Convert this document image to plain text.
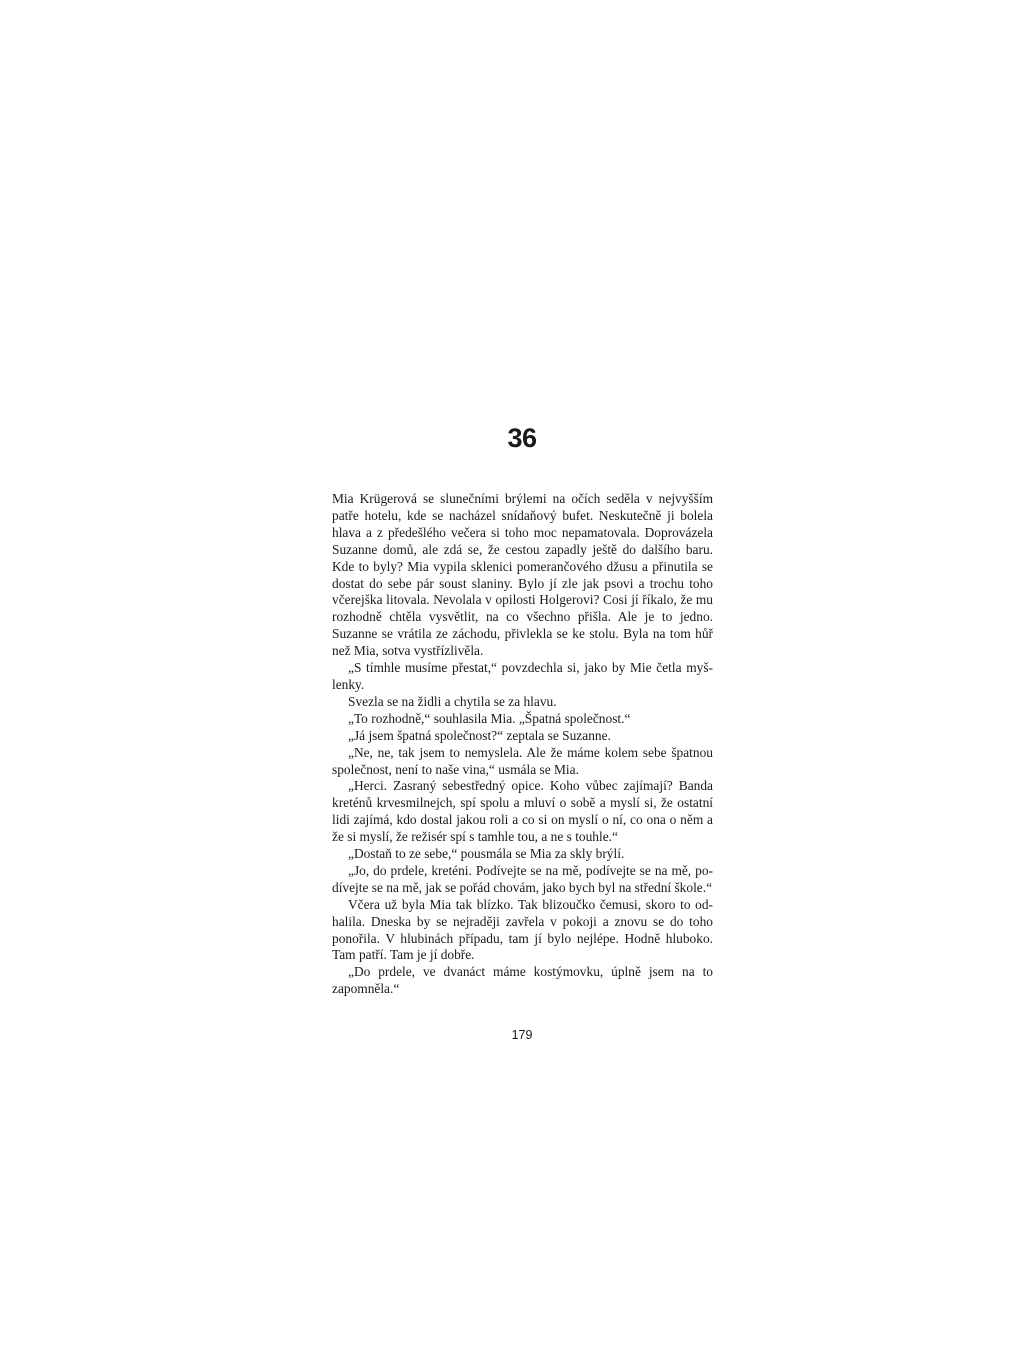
36

Mia Krügerová se slunečními brýlemi na očích seděla v nejvyšším patře hotelu, kde se nacházel snídaňový bufet. Neskutečně ji bolela hlava a z předešlého večera si toho moc nepamatovala. Doprovázela Suzanne domů, ale zdá se, že cestou zapadly ještě do dalšího baru. Kde to byly? Mia vypila sklenici pomerančového džusu a přinutila se dostat do sebe pár soust slaniny. Bylo jí zle jak psovi a trochu toho včerejška litovala. Nevolala v opilosti Holgerovi? Cosi jí říkalo, že mu rozhodně chtěla vysvětlit, na co všechno přišla. Ale je to jedno. Suzanne se vrátila ze záchodu, přivlekla se ke stolu. Byla na tom hůř než Mia, sotva vystřízlivěla.

„S tímhle musíme přestat,“ povzdechla si, jako by Mie četla myšlenky.

Svezla se na židli a chytila se za hlavu.

„To rozhodně,“ souhlasila Mia. „Špatná společnost.“

„Já jsem špatná společnost?“ zeptala se Suzanne.

„Ne, ne, tak jsem to nemyslela. Ale že máme kolem sebe špatnou společnost, není to naše vina,“ usmála se Mia.

„Herci. Zasraný sebestředný opice. Koho vůbec zajímají? Banda kreténů krvesmilnejch, spí spolu a mluví o sobě a myslí si, že ostatní lidi zajímá, kdo dostal jakou roli a co si on myslí o ní, co ona o něm a že si myslí, že režisér spí s tamhle tou, a ne s touhle.“

„Dostaň to ze sebe,“ pousmála se Mia za skly brýlí.

„Jo, do prdele, kreténi. Podívejte se na mě, podívejte se na mě, podívejte se na mě, jak se pořád chovám, jako bych byl na střední škole.“

Včera už byla Mia tak blízko. Tak blizoučko čemusi, skoro to odhalila. Dneska by se nejraději zavřela v pokoji a znovu se do toho ponořila. V hlubinách případu, tam jí bylo nejlépe. Hodně hluboko. Tam patří. Tam je jí dobře.

„Do prdele, ve dvanáct máme kostýmovku, úplně jsem na to zapomněla.“

179
